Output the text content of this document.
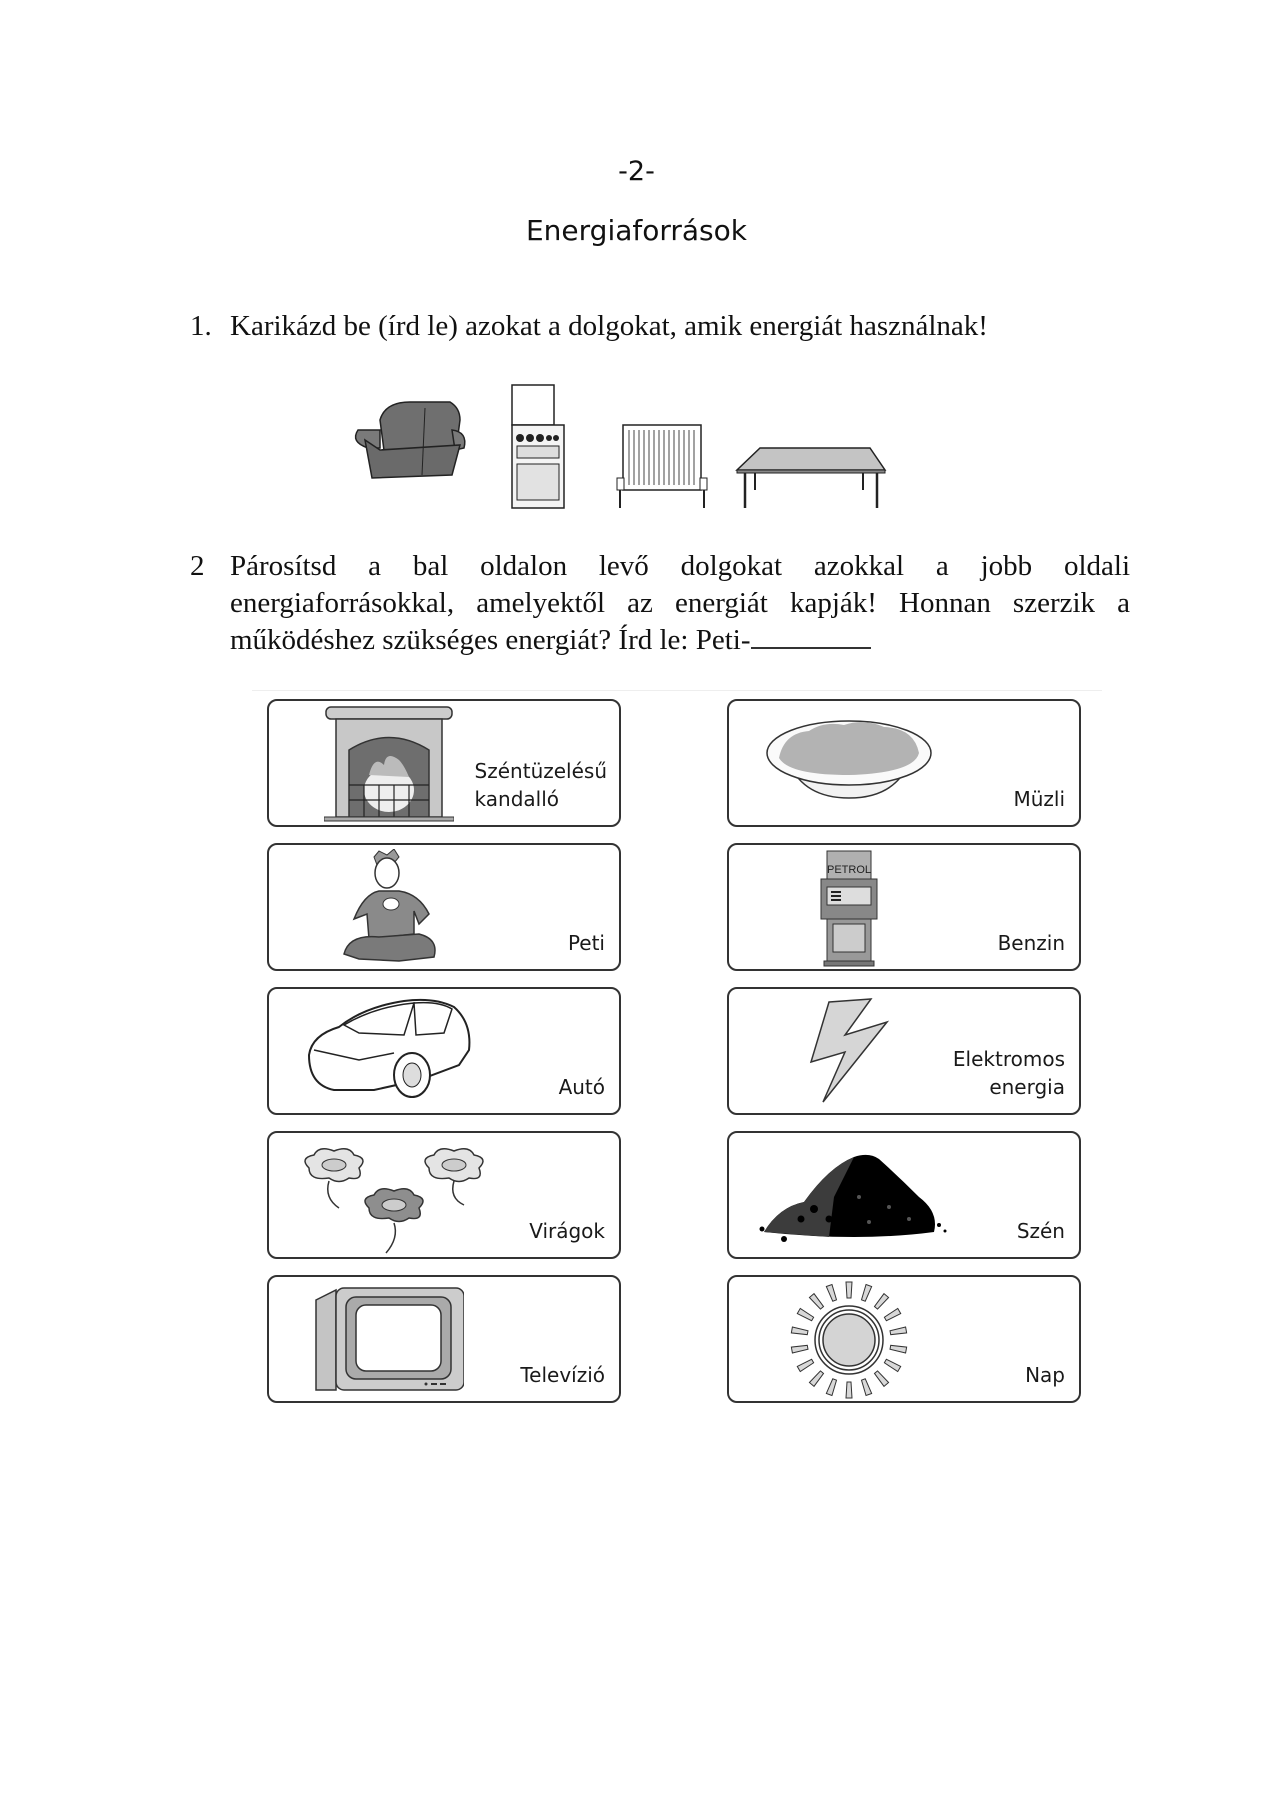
-2-
Energiaforrások
1. Karikázd be (írd le) azokat a dolgokat, amik energiát használnak!
2 Párosítsd a bal oldalon levő dolgokat azokkal a jobb oldali energiaforrásokkal, amelyektől az energiát kapják! Honnan szerzik a működéshez szükséges energiát? Írd le: Peti-
Széntüzelésű
kandalló
Peti
Autó
Virágok
Televízió
Müzli
PETROL
Benzin
Elektromos
energia
Szén
Nap
